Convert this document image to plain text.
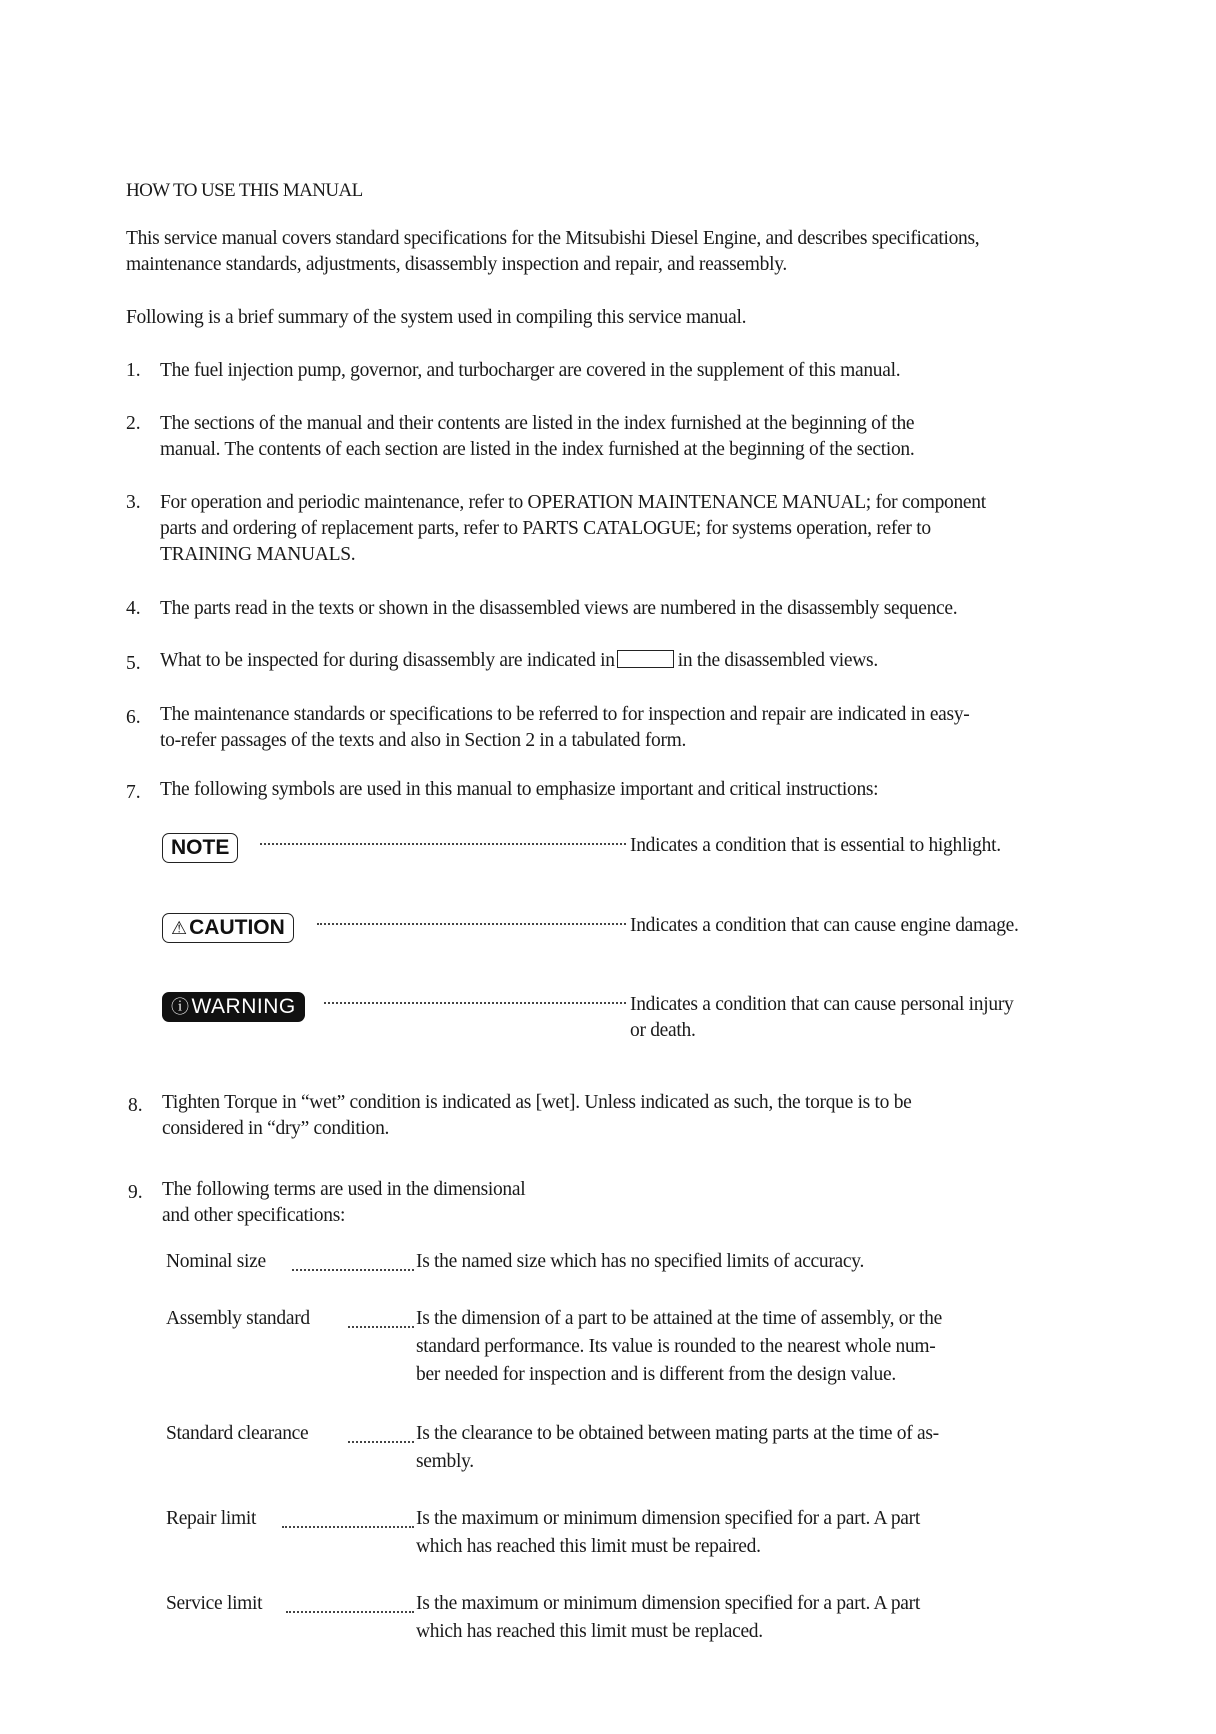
HOW TO USE THIS MANUAL
This service manual covers standard specifications for the Mitsubishi Diesel Engine, and describes specifications,
maintenance standards, adjustments, disassembly inspection and repair, and reassembly.
Following is a brief summary of the system used in compiling this service manual.
1. The fuel injection pump, governor, and turbocharger are covered in the supplement of this manual.
2. The sections of the manual and their contents are listed in the index furnished at the beginning of the
manual. The contents of each section are listed in the index furnished at the beginning of the section.
3. For operation and periodic maintenance, refer to OPERATION MAINTENANCE MANUAL; for component
parts and ordering of replacement parts, refer to PARTS CATALOGUE; for systems operation, refer to
TRAINING MANUALS.
4. The parts read in the texts or shown in the disassembled views are numbered in the disassembly sequence.
5. What to be inspected for during disassembly are indicated in	in the disassembled views.
6. The maintenance standards or specifications to be referred to for inspection and repair are indicated in easy-
to-refer passages of the texts and also in Section 2 in a tabulated form.
7. The following symbols are used in this manual to emphasize important and critical instructions:
NOTE	Indicates a condition that is essential to highlight.
⚠CAUTION	Indicates a condition that can cause engine damage.
ⓘWARNING	Indicates a condition that can cause personal injury
or death.
8. Tighten Torque in “wet” condition is indicated as [wet]. Unless indicated as such, the torque is to be
considered in “dry” condition.
9. The following terms are used in the dimensional
and other specifications:
Nominal size	Is the named size which has no specified limits of accuracy.
Assembly standard	Is the dimension of a part to be attained at the time of assembly, or the
standard performance. Its value is rounded to the nearest whole num-
ber needed for inspection and is different from the design value.
Standard clearance	Is the clearance to be obtained between mating parts at the time of as-
sembly.
Repair limit	Is the maximum or minimum dimension specified for a part. A part
which has reached this limit must be repaired.
Service limit	Is the maximum or minimum dimension specified for a part. A part
which has reached this limit must be replaced.
